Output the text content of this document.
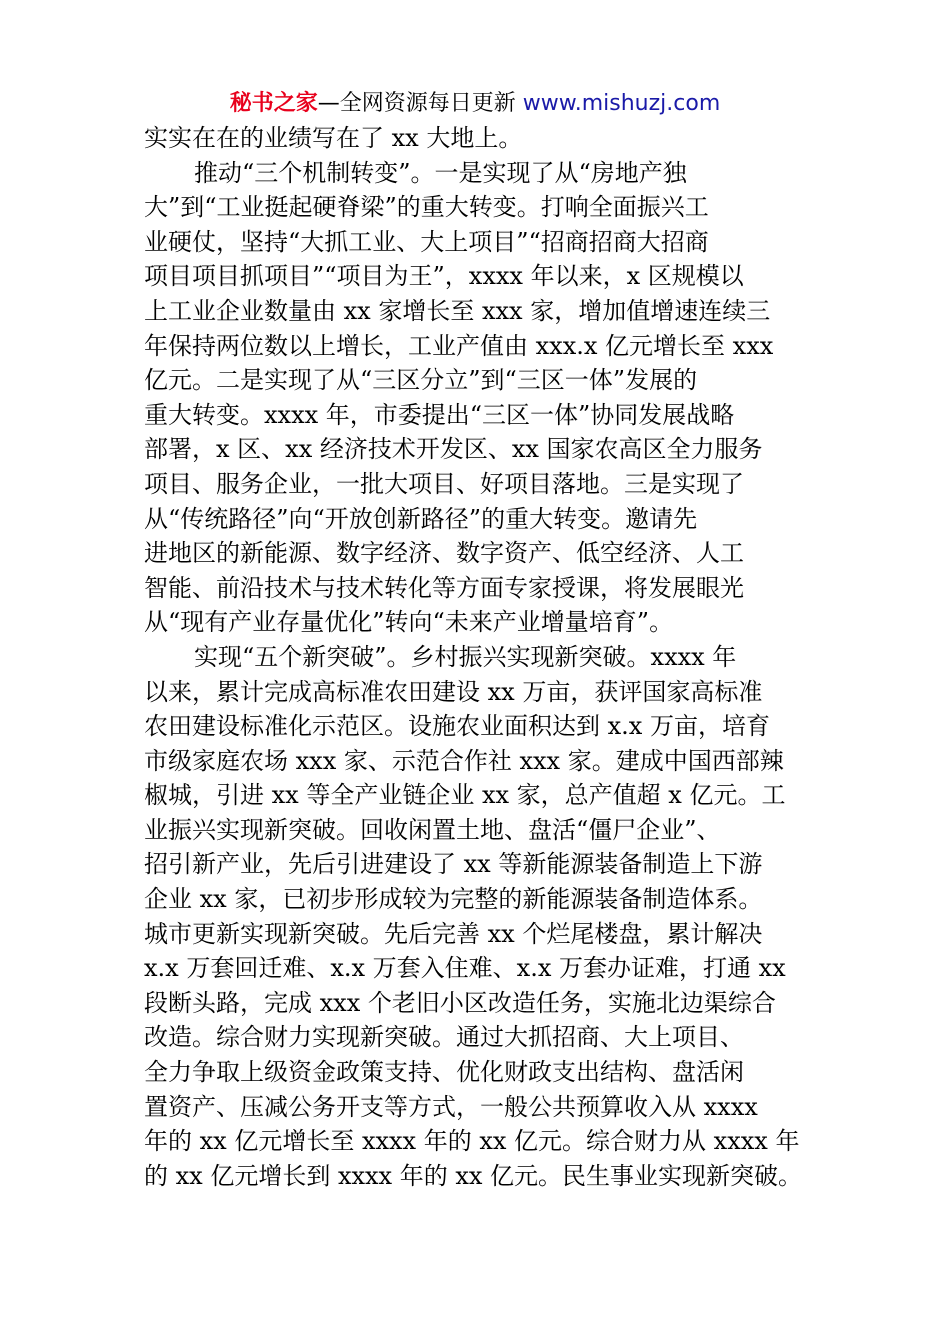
秘书之家—全网资源每日更新 www.mishuzj.com
实实在在的业绩写在了 xx 大地上。
推动“三个机制转变”。一是实现了从“房地产独
大”到“工业挺起硬脊梁”的重大转变。打响全面振兴工
业硬仗，坚持“大抓工业、大上项目”“招商招商大招商
项目项目抓项目”“项目为王”，xxxx 年以来，x 区规模以
上工业企业数量由 xx 家增长至 xxx 家，增加值增速连续三
年保持两位数以上增长，工业产值由 xxx.x 亿元增长至 xxx
亿元。二是实现了从“三区分立”到“三区一体”发展的
重大转变。xxxx 年，市委提出“三区一体”协同发展战略
部署，x 区、xx 经济技术开发区、xx 国家农高区全力服务
项目、服务企业，一批大项目、好项目落地。三是实现了
从“传统路径”向“开放创新路径”的重大转变。邀请先
进地区的新能源、数字经济、数字资产、低空经济、人工
智能、前沿技术与技术转化等方面专家授课，将发展眼光
从“现有产业存量优化”转向“未来产业增量培育”。
实现“五个新突破”。乡村振兴实现新突破。xxxx 年
以来，累计完成高标准农田建设 xx 万亩，获评国家高标准
农田建设标准化示范区。设施农业面积达到 x.x 万亩，培育
市级家庭农场 xxx 家、示范合作社 xxx 家。建成中国西部辣
椒城，引进 xx 等全产业链企业 xx 家，总产值超 x 亿元。工
业振兴实现新突破。回收闲置土地、盘活“僵尸企业”、
招引新产业，先后引进建设了 xx 等新能源装备制造上下游
企业 xx 家，已初步形成较为完整的新能源装备制造体系。
城市更新实现新突破。先后完善 xx 个烂尾楼盘，累计解决
x.x 万套回迁难、x.x 万套入住难、x.x 万套办证难，打通 xx
段断头路，完成 xxx 个老旧小区改造任务，实施北边渠综合
改造。综合财力实现新突破。通过大抓招商、大上项目、
全力争取上级资金政策支持、优化财政支出结构、盘活闲
置资产、压减公务开支等方式，一般公共预算收入从 xxxx
年的 xx 亿元增长至 xxxx 年的 xx 亿元。综合财力从 xxxx 年
的 xx 亿元增长到 xxxx 年的 xx 亿元。民生事业实现新突破。
